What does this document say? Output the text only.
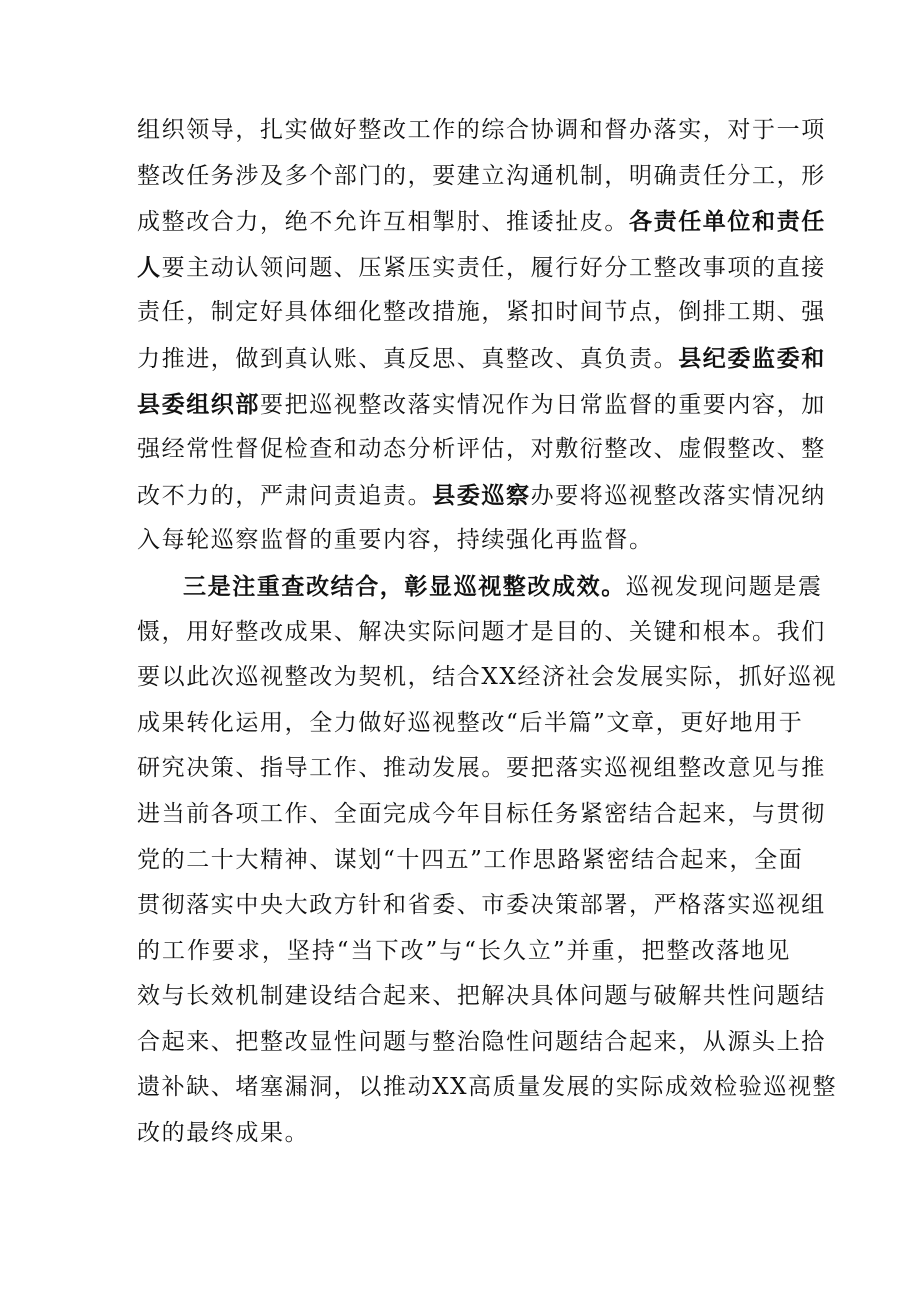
组织领导，扎实做好整改工作的综合协调和督办落实，对于一项
整改任务涉及多个部门的，要建立沟通机制，明确责任分工，形
成整改合力，绝不允许互相掣肘、推诿扯皮。各责任单位和责任
人要主动认领问题、压紧压实责任，履行好分工整改事项的直接
责任，制定好具体细化整改措施，紧扣时间节点，倒排工期、强
力推进，做到真认账、真反思、真整改、真负责。县纪委监委和
县委组织部要把巡视整改落实情况作为日常监督的重要内容，加
强经常性督促检查和动态分析评估，对敷衍整改、虚假整改、整
改不力的，严肃问责追责。县委巡察办要将巡视整改落实情况纳
入每轮巡察监督的重要内容，持续强化再监督。
三是注重查改结合，彰显巡视整改成效。巡视发现问题是震
慑，用好整改成果、解决实际问题才是目的、关键和根本。我们
要以此次巡视整改为契机，结合XX经济社会发展实际，抓好巡视
成果转化运用，全力做好巡视整改“后半篇”文章，更好地用于
研究决策、指导工作、推动发展。要把落实巡视组整改意见与推
进当前各项工作、全面完成今年目标任务紧密结合起来，与贯彻
党的二十大精神、谋划“十四五”工作思路紧密结合起来，全面
贯彻落实中央大政方针和省委、市委决策部署，严格落实巡视组
的工作要求，坚持“当下改”与“长久立”并重，把整改落地见
效与长效机制建设结合起来、把解决具体问题与破解共性问题结
合起来、把整改显性问题与整治隐性问题结合起来，从源头上拾
遗补缺、堵塞漏洞，以推动XX高质量发展的实际成效检验巡视整
改的最终成果。
